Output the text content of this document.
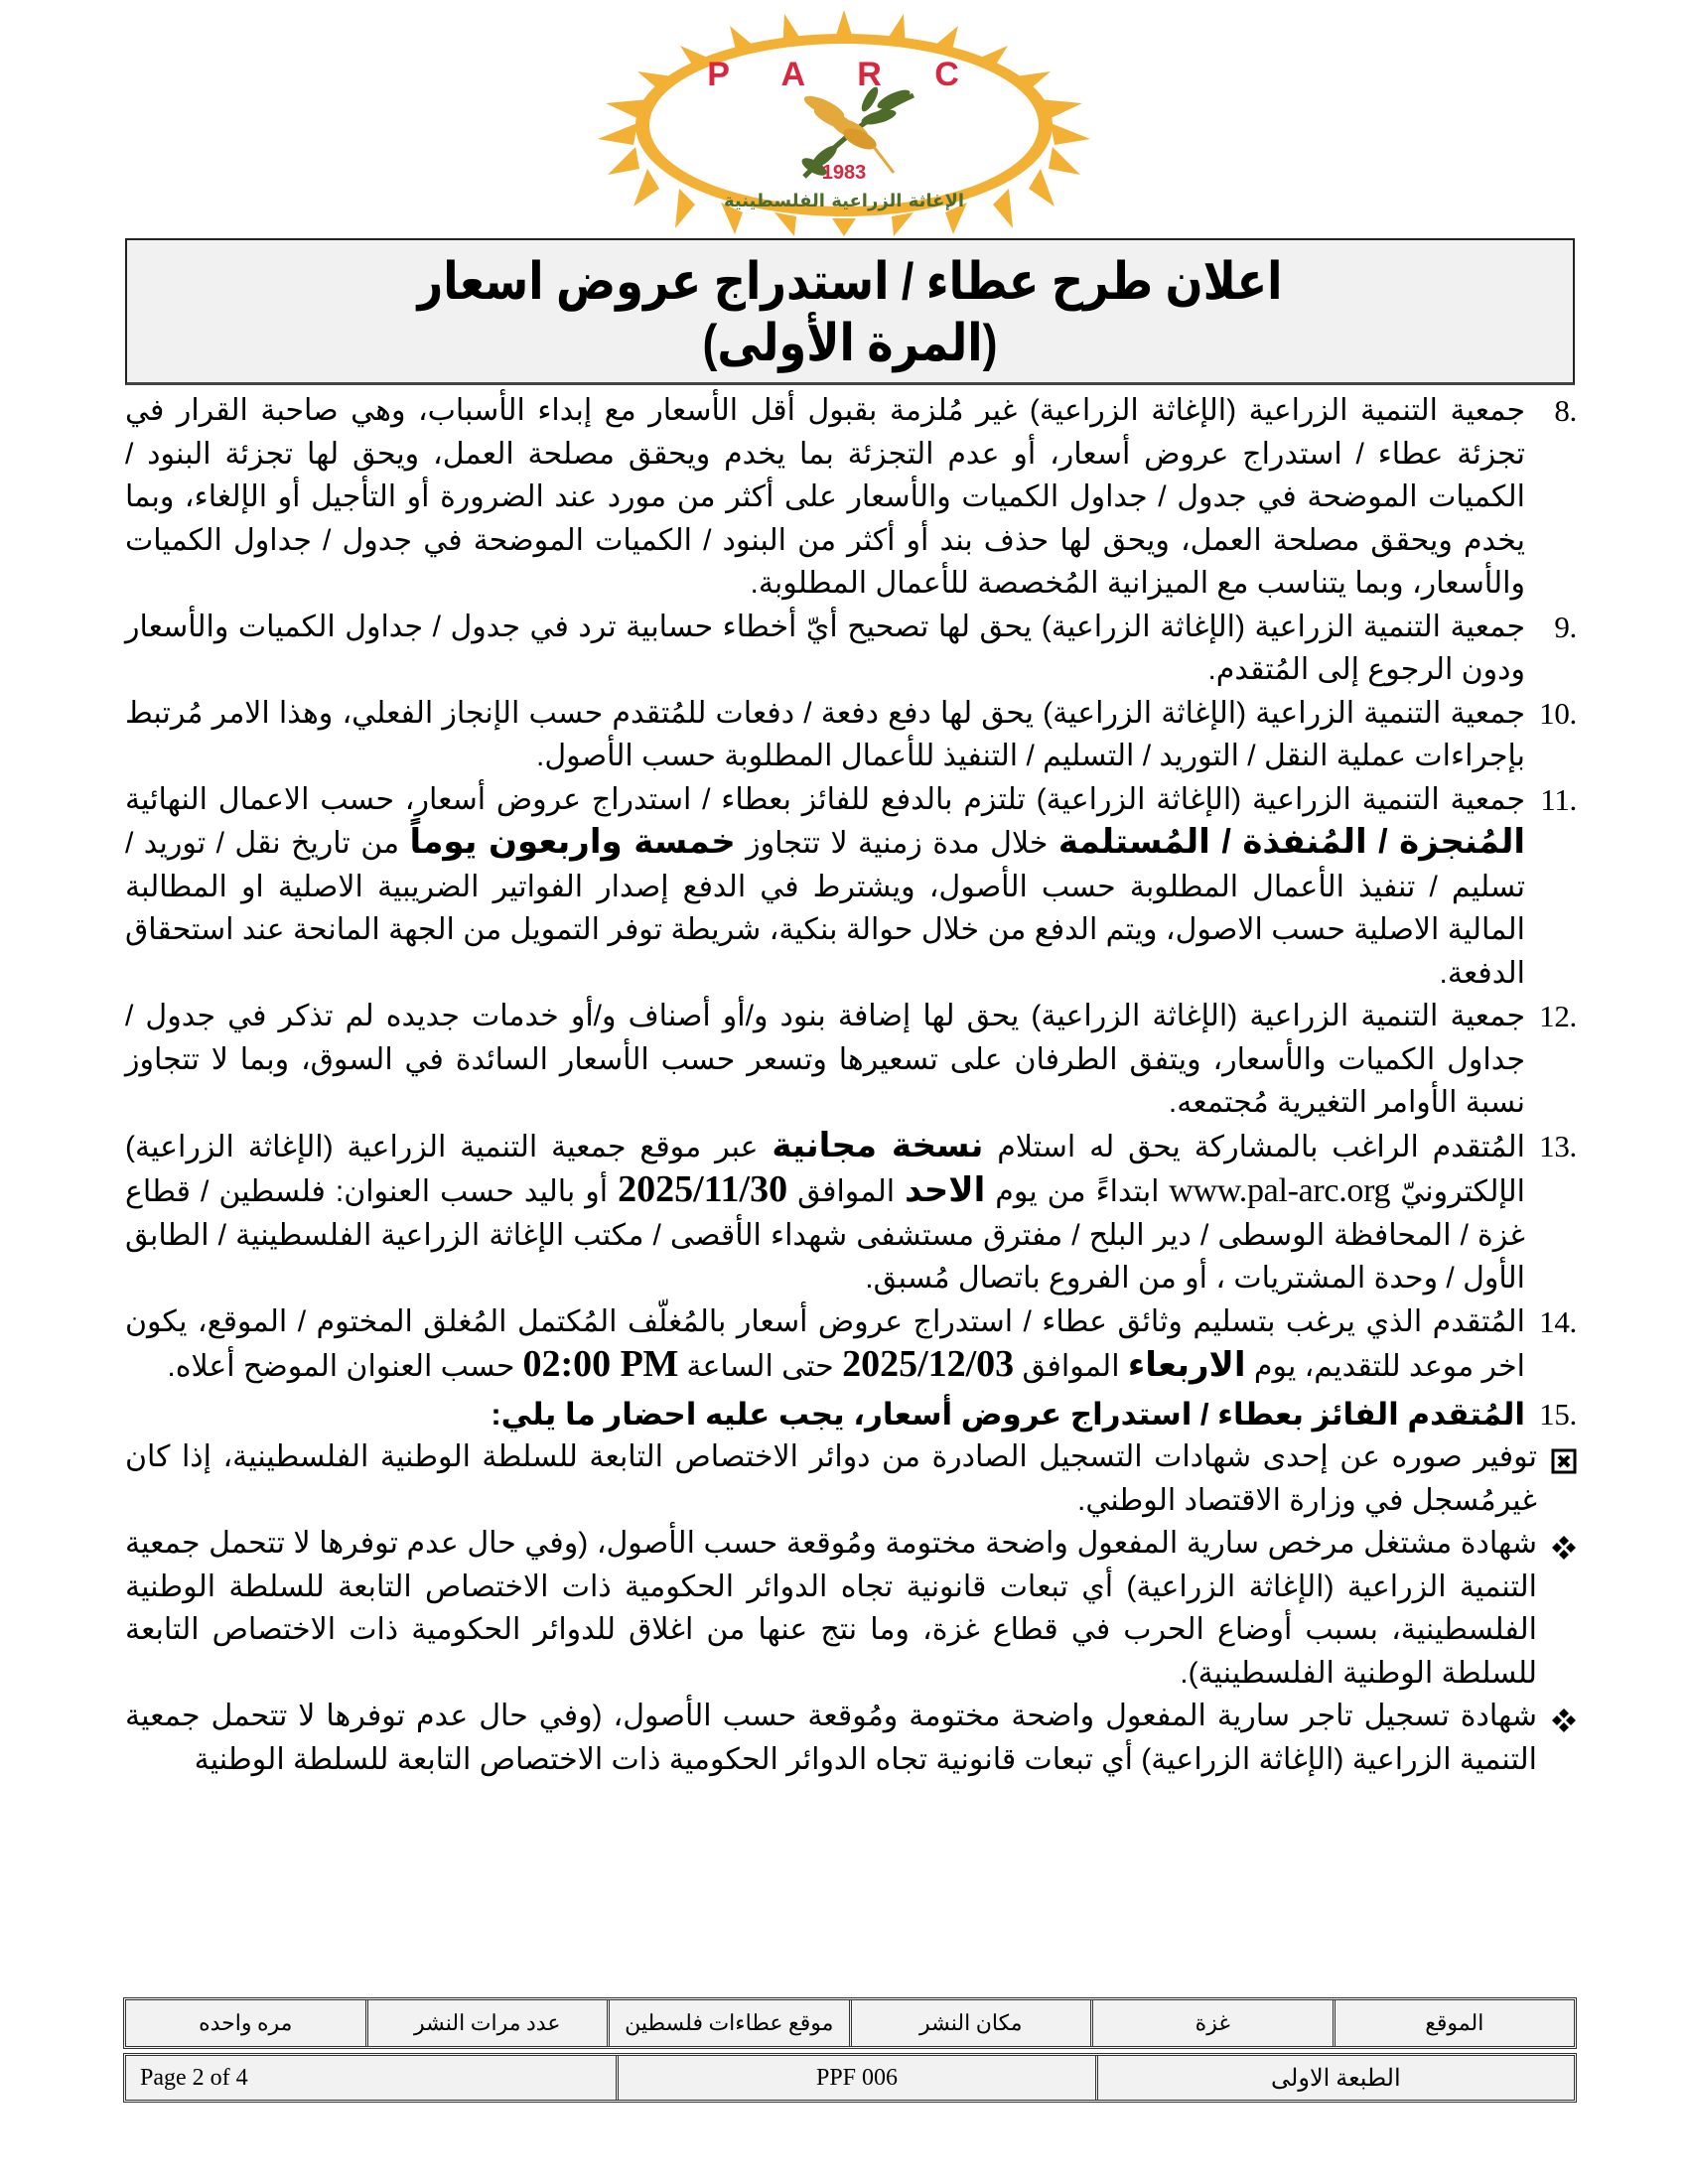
P A R C
1983
الإغاثة الزراعية الفلسطينية
اعلان طرح عطاء / استدراج عروض اسعار
(المرة الأولى)
8.

جمعية التنمية الزراعية (الإغاثة الزراعية) غير مُلزمة بقبول أقل الأسعار مع إبداء الأسباب، وهي صاحبة القرار في تجزئة عطاء / استدراج عروض أسعار، أو عدم التجزئة بما يخدم ويحقق مصلحة العمل، ويحق لها تجزئة البنود / الكميات الموضحة في جدول / جداول الكميات والأسعار على أكثر من مورد عند الضرورة أو التأجيل أو الإلغاء، وبما يخدم ويحقق مصلحة العمل، ويحق لها حذف بند أو أكثر من البنود / الكميات الموضحة في جدول / جداول الكميات والأسعار، وبما يتناسب مع الميزانية المُخصصة للأعمال المطلوبة.

9.

جمعية التنمية الزراعية (الإغاثة الزراعية) يحق لها تصحيح أيّ أخطاء حسابية ترد في جدول / جداول الكميات والأسعار ودون الرجوع إلى المُتقدم.

10.

جمعية التنمية الزراعية (الإغاثة الزراعية) يحق لها دفع دفعة / دفعات للمُتقدم حسب الإنجاز الفعلي، وهذا الامر مُرتبط بإجراءات عملية النقل / التوريد / التسليم / التنفيذ للأعمال المطلوبة حسب الأصول.

11.

جمعية التنمية الزراعية (الإغاثة الزراعية) تلتزم بالدفع للفائز بعطاء / استدراج عروض أسعار، حسب الاعمال النهائية المُنجزة / المُنفذة / المُستلمة خلال مدة زمنية لا تتجاوز خمسة واربعون يوماً من تاريخ نقل / توريد / تسليم / تنفيذ الأعمال المطلوبة حسب الأصول، ويشترط في الدفع إصدار الفواتير الضريبية الاصلية او المطالبة المالية الاصلية حسب الاصول، ويتم الدفع من خلال حوالة بنكية، شريطة توفر التمويل من الجهة المانحة عند استحقاق الدفعة.

12.

جمعية التنمية الزراعية (الإغاثة الزراعية) يحق لها إضافة بنود و/أو أصناف و/أو خدمات جديده لم تذكر في جدول / جداول الكميات والأسعار، ويتفق الطرفان على تسعيرها وتسعر حسب الأسعار السائدة في السوق، وبما لا تتجاوز نسبة الأوامر التغيرية مُجتمعه.

13.

المُتقدم الراغب بالمشاركة يحق له استلام نسخة مجانية عبر موقع جمعية التنمية الزراعية (الإغاثة الزراعية) الإلكترونيّ www.pal-arc.org ابتداءً من يوم الاحد الموافق 2025/11/30 أو باليد حسب العنوان: فلسطين / قطاع غزة / المحافظة الوسطى / دير البلح / مفترق مستشفى شهداء الأقصى / مكتب الإغاثة الزراعية الفلسطينية / الطابق الأول / وحدة المشتريات ، أو من الفروع باتصال مُسبق.

14.

المُتقدم الذي يرغب بتسليم وثائق عطاء / استدراج عروض أسعار بالمُغلّف المُكتمل المُغلق المختوم / الموقع، يكون اخر موعد للتقديم، يوم الاربعاء الموافق 2025/12/03 حتى الساعة 02:00 PM حسب العنوان الموضح أعلاه.

15.

المُتقدم الفائز بعطاء / استدراج عروض أسعار، يجب عليه احضار ما يلي:

توفير صوره عن إحدى شهادات التسجيل الصادرة من دوائر الاختصاص التابعة للسلطة الوطنية الفلسطينية، إذا كان غيرمُسجل في وزارة الاقتصاد الوطني.

شهادة مشتغل مرخص سارية المفعول واضحة مختومة ومُوقعة حسب الأصول، (وفي حال عدم توفرها لا تتحمل جمعية التنمية الزراعية (الإغاثة الزراعية) أي تبعات قانونية تجاه الدوائر الحكومية ذات الاختصاص التابعة للسلطة الوطنية الفلسطينية، بسبب أوضاع الحرب في قطاع غزة، وما نتج عنها من اغلاق للدوائر الحكومية ذات الاختصاص التابعة للسلطة الوطنية الفلسطينية).

شهادة تسجيل تاجر سارية المفعول واضحة مختومة ومُوقعة حسب الأصول، (وفي حال عدم توفرها لا تتحمل جمعية التنمية الزراعية (الإغاثة الزراعية) أي تبعات قانونية تجاه الدوائر الحكومية ذات الاختصاص التابعة للسلطة الوطنية

الموقع
غزة
مكان النشر
موقع عطاءات فلسطين
عدد مرات النشر
مره واحده
الطبعة الاولى
PPF 006
Page 2 of 4
